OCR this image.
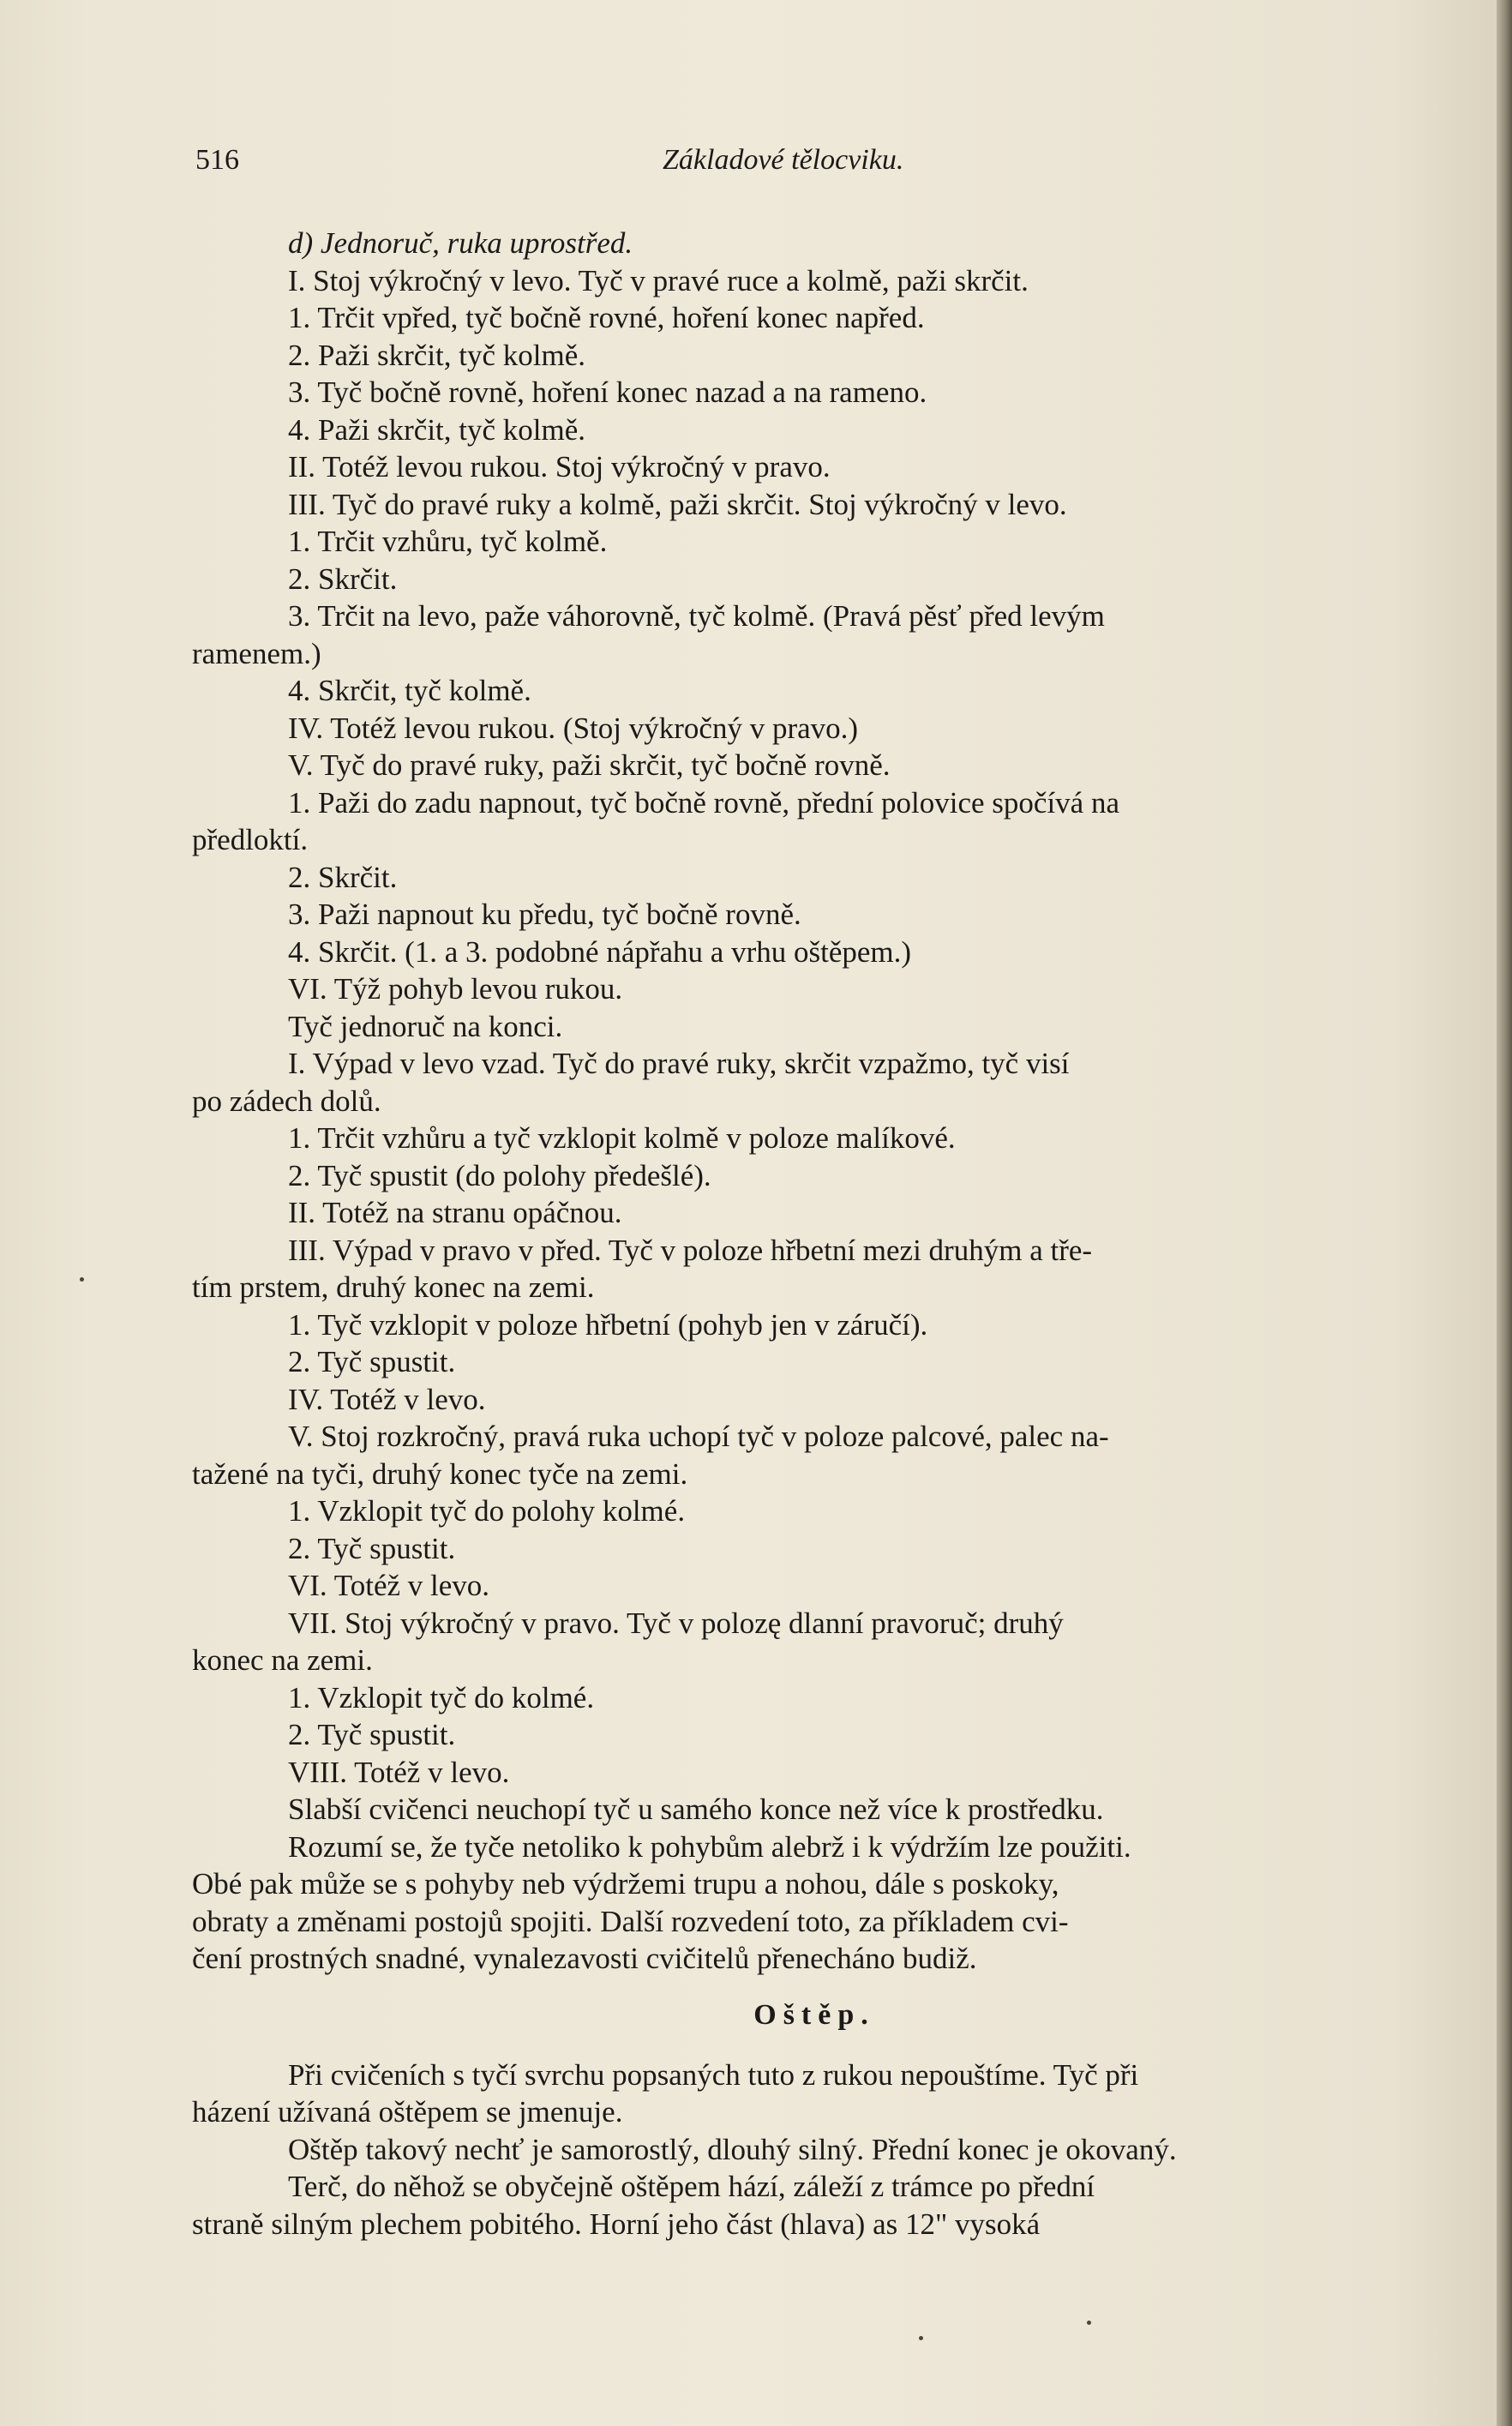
516	Základové tělocviku.
d) Jednoruč, ruka uprostřed.
I. Stoj výkročný v levo. Tyč v pravé ruce a kolmě, paži skrčit.
1. Trčit vpřed, tyč bočně rovné, hoření konec napřed.
2. Paži skrčit, tyč kolmě.
3. Tyč bočně rovně, hoření konec nazad a na rameno.
4. Paži skrčit, tyč kolmě.
II. Totéž levou rukou. Stoj výkročný v pravo.
III. Tyč do pravé ruky a kolmě, paži skrčit. Stoj výkročný v levo.
1. Trčit vzhůru, tyč kolmě.
2. Skrčit.
3. Trčit na levo, paže váhorovně, tyč kolmě. (Pravá pěsť před levým
ramenem.)
4. Skrčit, tyč kolmě.
IV. Totéž levou rukou. (Stoj výkročný v pravo.)
V. Tyč do pravé ruky, paži skrčit, tyč bočně rovně.
1. Paži do zadu napnout, tyč bočně rovně, přední polovice spočívá na
předloktí.
2. Skrčit.
3. Paži napnout ku předu, tyč bočně rovně.
4. Skrčit. (1. a 3. podobné nápřahu a vrhu oštěpem.)
VI. Týž pohyb levou rukou.
Tyč jednoruč na konci.
I. Výpad v levo vzad. Tyč do pravé ruky, skrčit vzpažmo, tyč visí
po zádech dolů.
1. Trčit vzhůru a tyč vzklopit kolmě v poloze malíkové.
2. Tyč spustit (do polohy předešlé).
II. Totéž na stranu opáčnou.
III. Výpad v pravo v před. Tyč v poloze hřbetní mezi druhým a tře-
tím prstem, druhý konec na zemi.
1. Tyč vzklopit v poloze hřbetní (pohyb jen v záručí).
2. Tyč spustit.
IV. Totéž v levo.
V. Stoj rozkročný, pravá ruka uchopí tyč v poloze palcové, palec na-
tažené na tyči, druhý konec tyče na zemi.
1. Vzklopit tyč do polohy kolmé.
2. Tyč spustit.
VI. Totéž v levo.
VII. Stoj výkročný v pravo. Tyč v polozę dlanní pravoruč; druhý
konec na zemi.
1. Vzklopit tyč do kolmé.
2. Tyč spustit.
VIII. Totéž v levo.
Slabší cvičenci neuchopí tyč u samého konce než více k prostředku.
Rozumí se, že tyče netoliko k pohybům alebrž i k výdržím lze použiti.
Obé pak může se s pohyby neb výdržemi trupu a nohou, dále s poskoky,
obraty a změnami postojů spojiti. Další rozvedení toto, za příkladem cvi-
čení prostných snadné, vynalezavosti cvičitelů přenecháno budiž.
Oštěp.
Při cvičeních s tyčí svrchu popsaných tuto z rukou nepouštíme. Tyč při
házení užívaná oštěpem se jmenuje.
Oštěp takový nechť je samorostlý, dlouhý silný. Přední konec je okovaný.
Terč, do něhož se obyčejně oštěpem hází, záleží z trámce po přední
straně silným plechem pobitého. Horní jeho část (hlava) as 12" vysoká
